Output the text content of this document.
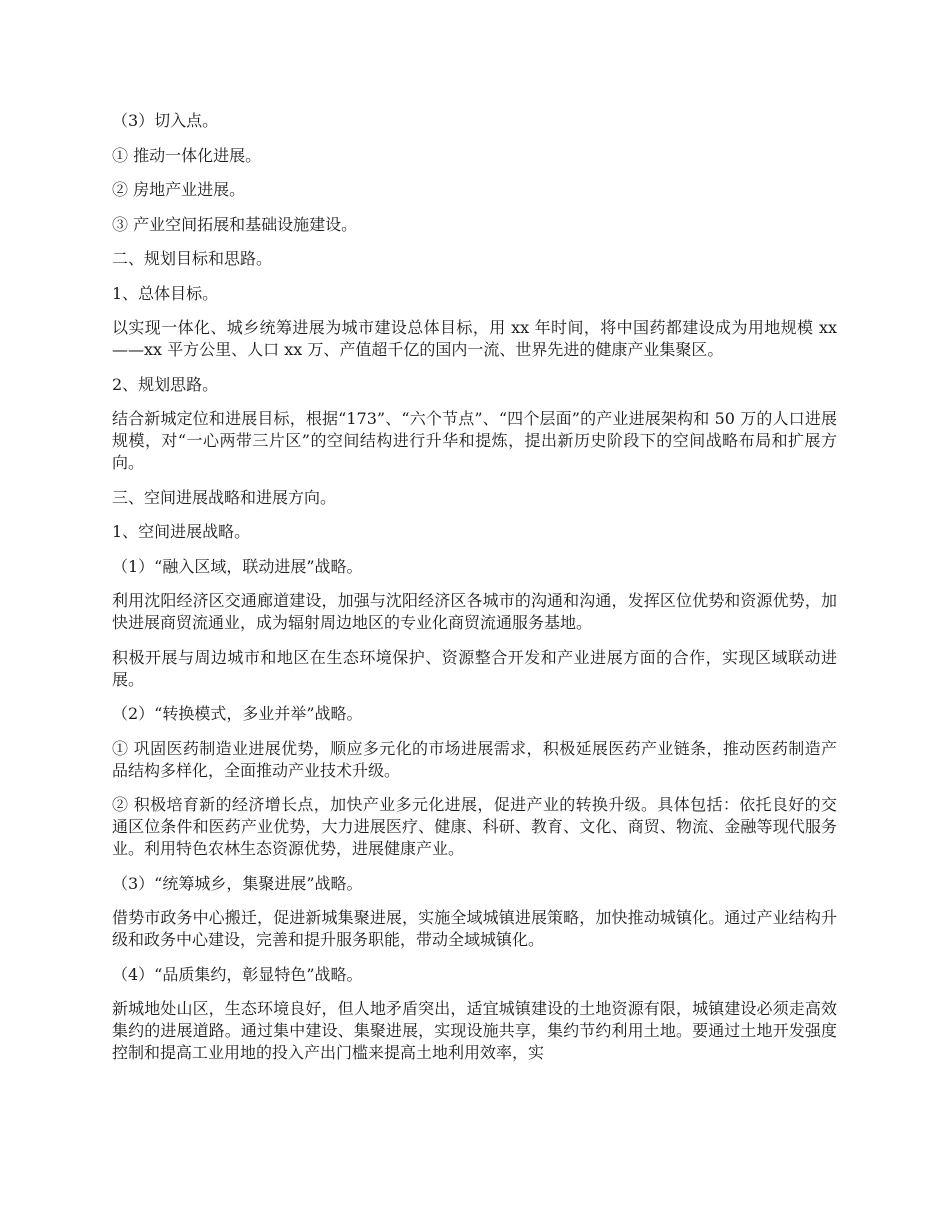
（3）切入点。

① 推动一体化进展。

② 房地产业进展。

③ 产业空间拓展和基础设施建设。

二、规划目标和思路。

1、总体目标。

以实现一体化、城乡统筹进展为城市建设总体目标，用 xx 年时间，将中国药都建设成为用地规模 xx——xx 平方公里、人口 xx 万、产值超千亿的国内一流、世界先进的健康产业集聚区。

2、规划思路。

结合新城定位和进展目标，根据“173”、“六个节点”、“四个层面”的产业进展架构和 50 万的人口进展规模，对“一心两带三片区”的空间结构进行升华和提炼，提出新历史阶段下的空间战略布局和扩展方向。

三、空间进展战略和进展方向。

1、空间进展战略。

（1）“融入区域，联动进展”战略。

利用沈阳经济区交通廊道建设，加强与沈阳经济区各城市的沟通和沟通，发挥区位优势和资源优势，加快进展商贸流通业，成为辐射周边地区的专业化商贸流通服务基地。

积极开展与周边城市和地区在生态环境保护、资源整合开发和产业进展方面的合作，实现区域联动进展。

（2）“转换模式，多业并举”战略。

① 巩固医药制造业进展优势，顺应多元化的市场进展需求，积极延展医药产业链条，推动医药制造产品结构多样化，全面推动产业技术升级。

② 积极培育新的经济增长点，加快产业多元化进展，促进产业的转换升级。具体包括：依托良好的交通区位条件和医药产业优势，大力进展医疗、健康、科研、教育、文化、商贸、物流、金融等现代服务业。利用特色农林生态资源优势，进展健康产业。

（3）“统筹城乡，集聚进展”战略。

借势市政务中心搬迁，促进新城集聚进展，实施全域城镇进展策略，加快推动城镇化。通过产业结构升级和政务中心建设，完善和提升服务职能，带动全域城镇化。

（4）“品质集约，彰显特色”战略。

新城地处山区，生态环境良好，但人地矛盾突出，适宜城镇建设的土地资源有限，城镇建设必须走高效集约的进展道路。通过集中建设、集聚进展，实现设施共享，集约节约利用土地。要通过土地开发强度控制和提高工业用地的投入产出门槛来提高土地利用效率，实
